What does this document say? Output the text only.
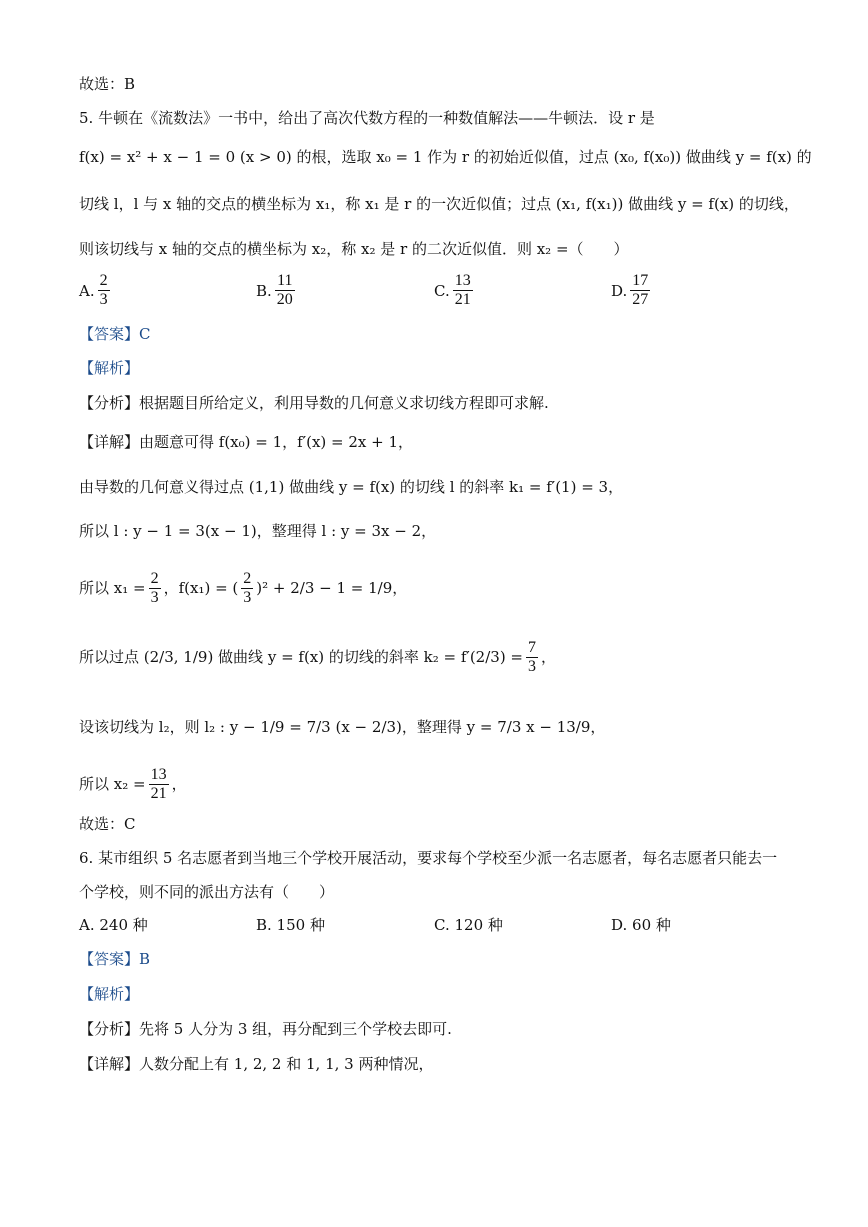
故选：B
5. 牛顿在《流数法》一书中，给出了高次代数方程的一种数值解法——牛顿法．设 r 是
f(x) = x² + x − 1 = 0 (x > 0) 的根，选取 x₀ = 1 作为 r 的初始近似值，过点 (x₀, f(x₀)) 做曲线 y = f(x) 的
切线 l，l 与 x 轴的交点的横坐标为 x₁，称 x₁ 是 r 的一次近似值；过点 (x₁, f(x₁)) 做曲线 y = f(x) 的切线，
则该切线与 x 轴的交点的横坐标为 x₂，称 x₂ 是 r 的二次近似值．则 x₂ =（　　）
A. $\frac{2}{3}$	B. $\frac{11}{20}$	C. $\frac{13}{21}$	D. $\frac{17}{27}$
【答案】C
【解析】
【分析】根据题目所给定义，利用导数的几何意义求切线方程即可求解.
【详解】由题意可得 f(x₀) = 1，f′(x) = 2x + 1，
由导数的几何意义得过点 (1,1) 做曲线 y = f(x) 的切线 l 的斜率 k₁ = f′(1) = 3，
所以 l : y − 1 = 3(x − 1)，整理得 l : y = 3x − 2，
所以 $x_1 = \frac{2}{3}$ ，f(x₁) = ( $\frac{2}{3} )^2 + 2/3 - 1 = 1/9$，
所以过点 (2/3, 1/9) 做曲线 y = f(x) 的切线的斜率 $k_2 = f'(2/3) = \frac{7}{3}$ ，
设该切线为 l₂，则 l₂ : y − 1/9 = 7/3 (x − 2/3)，整理得 y = 7/3 x − 13/9，
所以 $x_2 = \frac{13}{21}$ ，
故选：C
6. 某市组织 5 名志愿者到当地三个学校开展活动，要求每个学校至少派一名志愿者，每名志愿者只能去一
个学校，则不同的派出方法有（　　）
A. 240 种	B. 150 种	C. 120 种	D. 60 种
【答案】B
【解析】
【分析】先将 5 人分为 3 组，再分配到三个学校去即可.
【详解】人数分配上有 1, 2, 2 和 1, 1, 3 两种情况，
